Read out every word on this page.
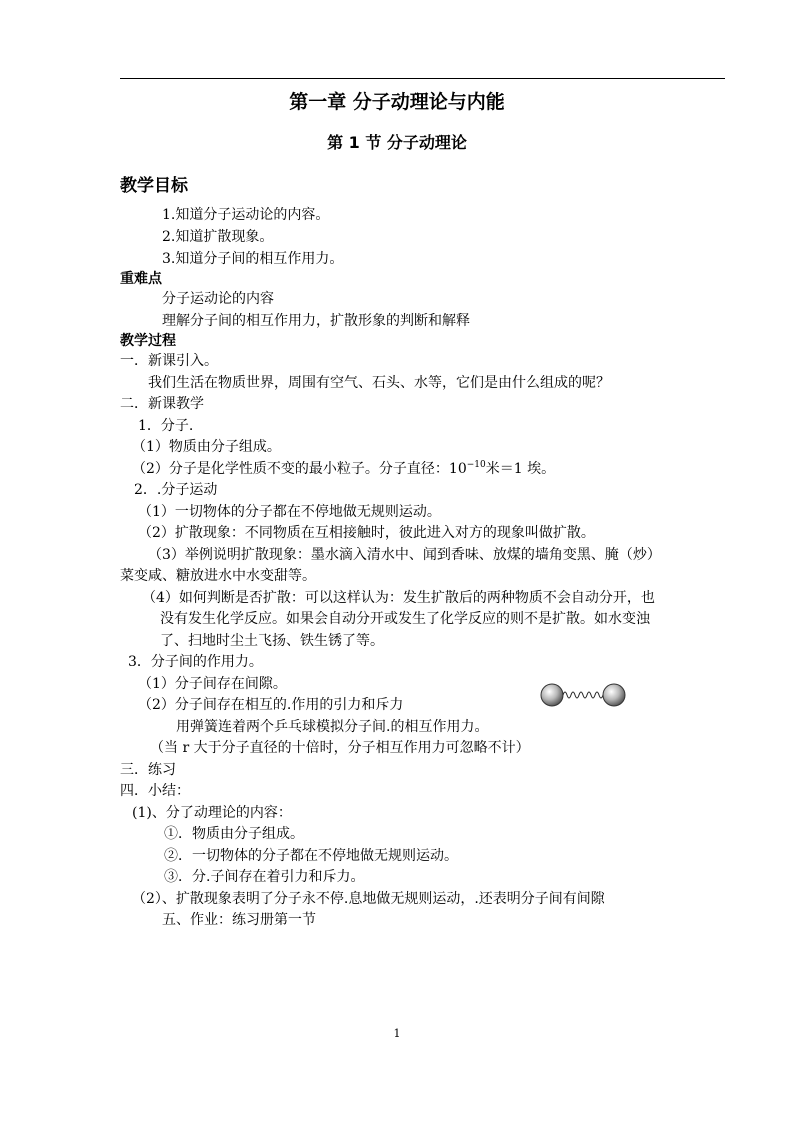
第一章 分子动理论与内能
第 1 节 分子动理论
教学目标
1.知道分子运动论的内容。
2.知道扩散现象。
3.知道分子间的相互作用力。
重难点
分子运动论的内容
理解分子间的相互作用力，扩散形象的判断和解释
教学过程
一．新课引入。
我们生活在物质世界，周围有空气、石头、水等，它们是由什么组成的呢？
二．新课教学
1．分子.
（1）物质由分子组成。
（2）分子是化学性质不变的最小粒子。分子直径：$10^{-10}$米＝1 埃。
2．.分子运动
（1）一切物体的分子都在不停地做无规则运动。
（2）扩散现象：不同物质在互相接触时，彼此进入对方的现象叫做扩散。
（3）举例说明扩散现象：墨水滴入清水中、闻到香味、放煤的墙角变黑、腌（炒）
菜变咸、糖放进水中水变甜等。
（4）如何判断是否扩散：可以这样认为：发生扩散后的两种物质不会自动分开，也
没有发生化学反应。如果会自动分开或发生了化学反应的则不是扩散。如水变浊
了、扫地时尘土飞扬、铁生锈了等。
3．分子间的作用力。
（1）分子间存在间隙。
（2）分子间存在相互的.作用的引力和斥力
用弹簧连着两个乒乓球模拟分子间.的相互作用力。
（当 r 大于分子直径的十倍时，分子相互作用力可忽略不计）
三．练习
四．小结：
(1)、分了动理论的内容：
①．物质由分子组成。
②．一切物体的分子都在不停地做无规则运动。
③．分.子间存在着引力和斥力。
（2）、扩散现象表明了分子永不停.息地做无规则运动，.还表明分子间有间隙
五、作业：练习册第一节
1
